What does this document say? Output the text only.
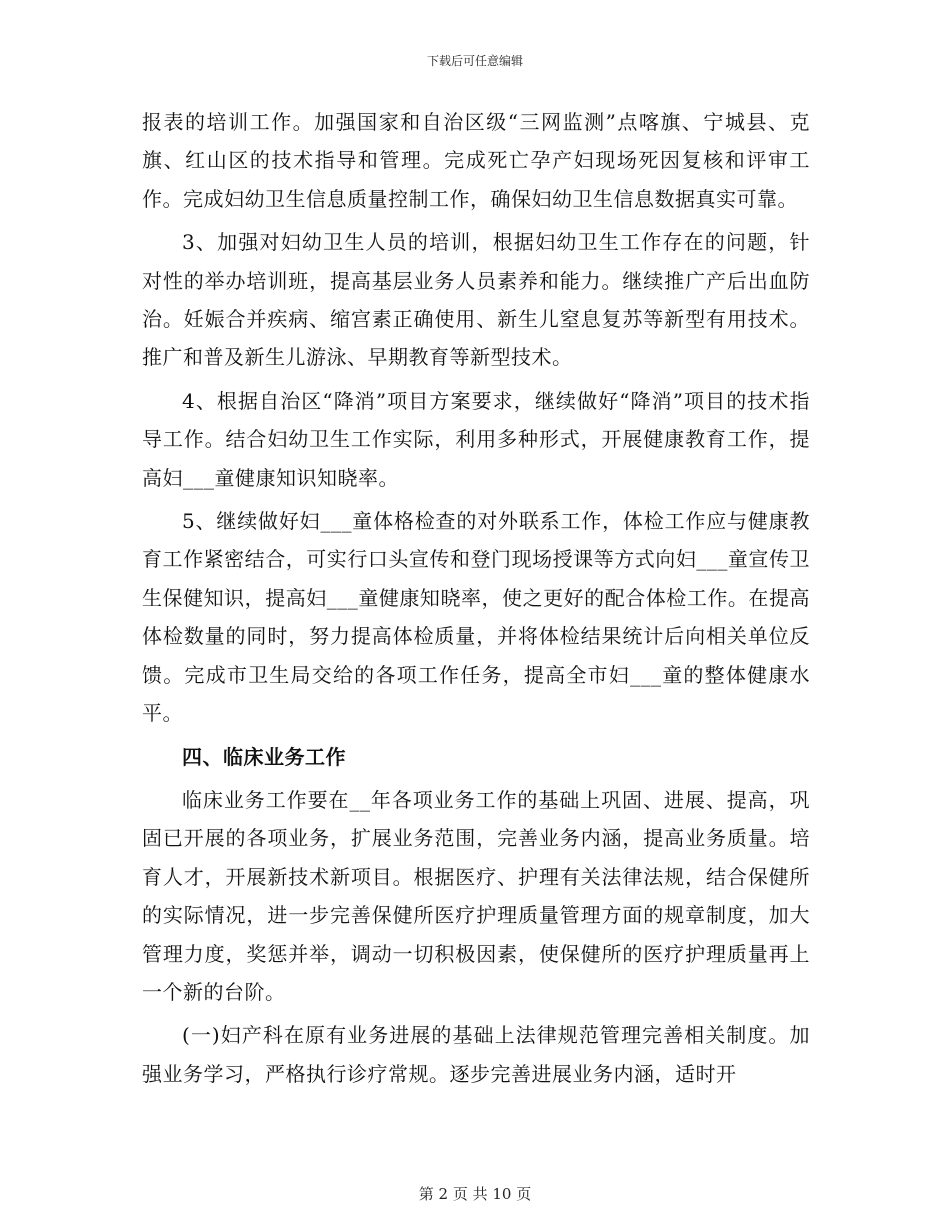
下载后可任意编辑

报表的培训工作。加强国家和自治区级“三网监测”点喀旗、宁城县、克旗、红山区的技术指导和管理。完成死亡孕产妇现场死因复核和评审工作。完成妇幼卫生信息质量控制工作，确保妇幼卫生信息数据真实可靠。

3、加强对妇幼卫生人员的培训，根据妇幼卫生工作存在的问题，针对性的举办培训班，提高基层业务人员素养和能力。继续推广产后出血防治。妊娠合并疾病、缩宫素正确使用、新生儿窒息复苏等新型有用技术。推广和普及新生儿游泳、早期教育等新型技术。

4、根据自治区“降消”项目方案要求，继续做好“降消”项目的技术指导工作。结合妇幼卫生工作实际，利用多种形式，开展健康教育工作，提高妇___童健康知识知晓率。

5、继续做好妇___童体格检查的对外联系工作，体检工作应与健康教育工作紧密结合，可实行口头宣传和登门现场授课等方式向妇___童宣传卫生保健知识，提高妇___童健康知晓率，使之更好的配合体检工作。在提高体检数量的同时，努力提高体检质量，并将体检结果统计后向相关单位反馈。完成市卫生局交给的各项工作任务，提高全市妇___童的整体健康水平。

四、临床业务工作

临床业务工作要在__年各项业务工作的基础上巩固、进展、提高，巩固已开展的各项业务，扩展业务范围，完善业务内涵，提高业务质量。培育人才，开展新技术新项目。根据医疗、护理有关法律法规，结合保健所的实际情况，进一步完善保健所医疗护理质量管理方面的规章制度，加大管理力度，奖惩并举，调动一切积极因素，使保健所的医疗护理质量再上一个新的台阶。

(一)妇产科在原有业务进展的基础上法律规范管理完善相关制度。加强业务学习，严格执行诊疗常规。逐步完善进展业务内涵，适时开

第 2 页 共 10 页
